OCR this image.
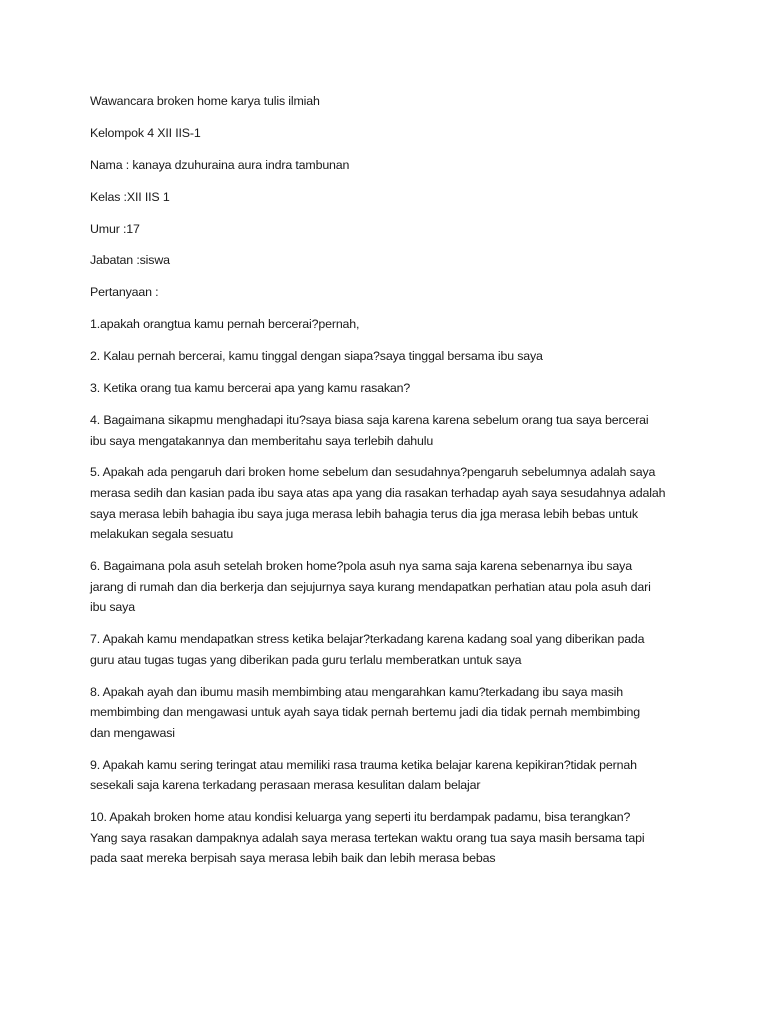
Wawancara broken home karya tulis ilmiah
Kelompok 4 XII IIS-1
Nama : kanaya dzuhuraina aura indra tambunan
Kelas :XII IIS 1
Umur :17
Jabatan :siswa
Pertanyaan :
1.apakah orangtua kamu pernah bercerai?pernah,
2. Kalau pernah bercerai, kamu tinggal dengan siapa?saya tinggal bersama ibu saya
3. Ketika orang tua kamu bercerai apa yang kamu rasakan?
4. Bagaimana sikapmu menghadapi itu?saya biasa saja karena karena sebelum orang tua saya bercerai
ibu saya mengatakannya dan memberitahu saya terlebih dahulu
5. Apakah ada pengaruh dari broken home sebelum dan sesudahnya?pengaruh sebelumnya adalah saya
merasa sedih dan kasian pada ibu saya atas apa yang dia rasakan terhadap ayah saya sesudahnya adalah
saya merasa lebih bahagia ibu saya juga merasa lebih bahagia terus dia jga merasa lebih bebas untuk
melakukan segala sesuatu
6. Bagaimana pola asuh setelah broken home?pola asuh nya sama saja karena sebenarnya ibu saya
jarang di rumah dan dia berkerja dan sejujurnya saya kurang mendapatkan perhatian atau pola asuh dari
ibu saya
7. Apakah kamu mendapatkan stress ketika belajar?terkadang karena kadang soal yang diberikan pada
guru atau tugas tugas yang diberikan pada guru terlalu memberatkan untuk saya
8. Apakah ayah dan ibumu masih membimbing atau mengarahkan kamu?terkadang ibu saya masih
membimbing dan mengawasi untuk ayah saya tidak pernah bertemu jadi dia tidak pernah membimbing
dan mengawasi
9. Apakah kamu sering teringat atau memiliki rasa trauma ketika belajar karena kepikiran?tidak pernah
sesekali saja karena terkadang perasaan merasa kesulitan dalam belajar
10. Apakah broken home atau kondisi keluarga yang seperti itu berdampak padamu, bisa terangkan?
Yang saya rasakan dampaknya adalah saya merasa tertekan waktu orang tua saya masih bersama tapi
pada saat mereka berpisah saya merasa lebih baik dan lebih merasa bebas
